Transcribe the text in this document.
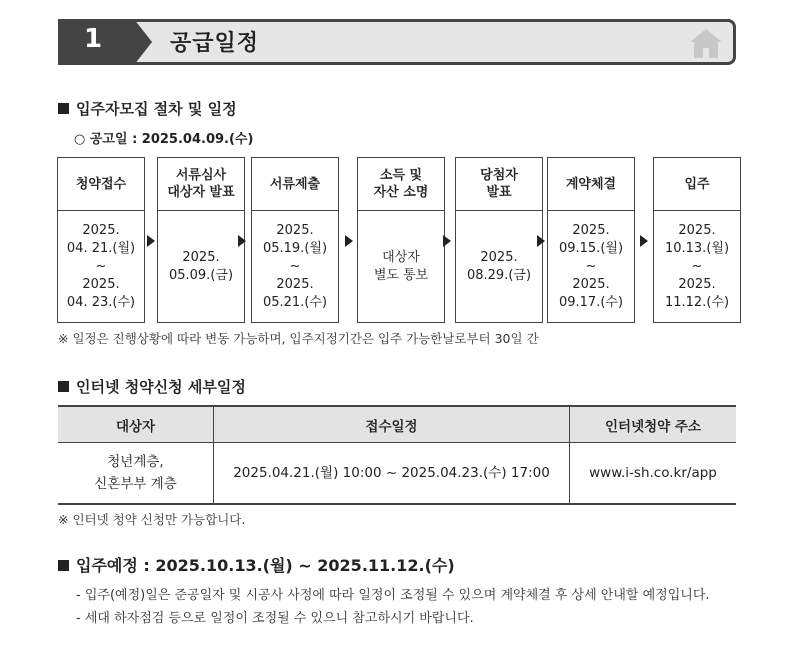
1	공급일정
입주자모집 절차 및 일정
○ 공고일 : 2025.04.09.(수)
청약접수
2025.
04. 21.(월)
~
2025.
04. 23.(수)
서류심사
대상자 발표
2025.
05.09.(금)
서류제출
2025.
05.19.(월)
~
2025.
05.21.(수)
소득 및
자산 소명
대상자
별도 통보
당첨자
발표
2025.
08.29.(금)
계약체결
2025.
09.15.(월)
~
2025.
09.17.(수)
입주
2025.
10.13.(월)
~
2025.
11.12.(수)
※ 일정은 진행상황에 따라 변동 가능하며, 입주지정기간은 입주 가능한날로부터 30일 간
인터넷 청약신청 세부일정
대상자	접수일정	인터넷청약 주소
청년계층,
신혼부부 계층	2025.04.21.(월) 10:00 ~ 2025.04.23.(수) 17:00	www.i-sh.co.kr/app
※ 인터넷 청약 신청만 가능합니다.
입주예정 : 2025.10.13.(월) ~ 2025.11.12.(수)
- 입주(예정)일은 준공일자 및 시공사 사정에 따라 일정이 조정될 수 있으며 계약체결 후 상세 안내할 예정입니다.
- 세대 하자점검 등으로 일정이 조정될 수 있으니 참고하시기 바랍니다.
